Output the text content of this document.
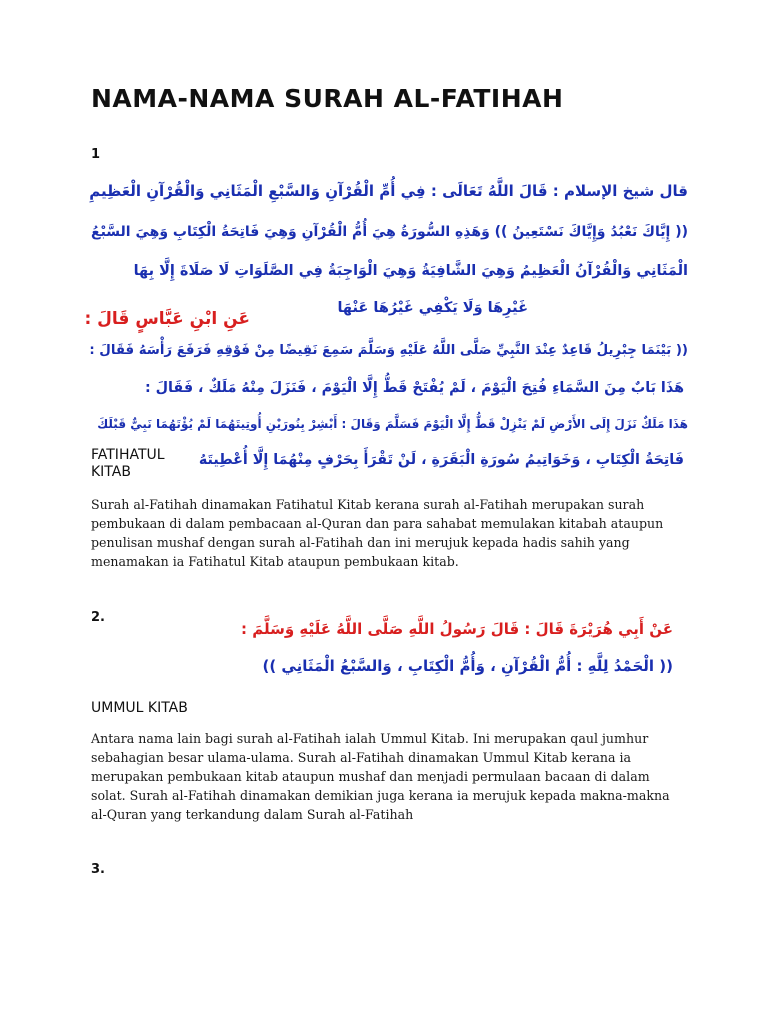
NAMA-NAMA SURAH AL-FATIHAH
1
قال شيخ الإسلام : قَالَ اللَّهُ تَعَالَى : فِي أُمِّ الْقُرْآنِ وَالسَّبْعِ الْمَثَانِي وَالْقُرْآنِ الْعَظِيمِ
(( إِيَّاكَ نَعْبُدُ وَإِيَّاكَ نَسْتَعِينُ )) وَهَذِهِ السُّورَةُ هِيَ أُمُّ الْقُرْآنِ وَهِيَ فَاتِحَةُ الْكِتَابِ وَهِيَ السَّبْعُ
الْمَثَانِي وَالْقُرْآنُ الْعَظِيمُ وَهِيَ الشَّافِيَةُ وَهِيَ الْوَاجِبَةُ فِي الصَّلَوَاتِ لَا صَلَاةَ إِلَّا بِهَا
غَيْرِهَا وَلَا يَكْفِي غَيْرُهَا عَنْهَا
عَنِ ابْنِ عَبَّاسٍ قَالَ :
(( بَيْنَمَا جِبْرِيلُ قَاعِدٌ عِنْدَ النَّبِيِّ صَلَّى اللَّهُ عَلَيْهِ وَسَلَّمَ سَمِعَ نَقِيضًا مِنْ فَوْقِهِ فَرَفَعَ رَأْسَهُ فَقَالَ :
هَذَا بَابٌ مِنَ السَّمَاءِ فُتِحَ الْيَوْمَ ، لَمْ يُفْتَحْ قَطُّ إِلَّا الْيَوْمَ ، فَنَزَلَ مِنْهُ مَلَكٌ ، فَقَالَ :
هَذَا مَلَكٌ نَزَلَ إِلَى الأَرْضِ لَمْ يَنْزِلْ قَطُّ إِلَّا الْيَوْمَ فَسَلَّمَ وَقَالَ : أَبْشِرْ بِنُورَيْنِ أُوتِيتَهُمَا لَمْ يُؤْتَهُمَا نَبِيٌّ قَبْلَكَ
فَاتِحَةُ الْكِتَابِ ، وَخَوَاتِيمُ سُورَةِ الْبَقَرَةِ ، لَنْ تَقْرَأَ بِحَرْفٍ مِنْهُمَا إِلَّا أُعْطِيتَهُ
FATIHATUL
KITAB
Surah al-Fatihah dinamakan Fatihatul Kitab kerana surah al-Fatihah merupakan surah pembukaan di dalam pembacaan al-Quran dan para sahabat memulakan kitabah ataupun penulisan mushaf dengan surah al-Fatihah dan ini merujuk kepada hadis sahih yang menamakan ia Fatihatul Kitab ataupun pembukaan kitab.
2.
عَنْ أَبِي هُرَيْرَةَ قَالَ : قَالَ رَسُولُ اللَّهِ صَلَّى اللَّهُ عَلَيْهِ وَسَلَّمَ :
(( الْحَمْدُ لِلَّهِ : أُمُّ الْقُرْآنِ ، وَأُمُّ الْكِتَابِ ، وَالسَّبْعُ الْمَثَانِي ))
UMMUL KITAB
Antara nama lain bagi surah al-Fatihah ialah Ummul Kitab. Ini merupakan qaul jumhur sebahagian besar ulama-ulama. Surah al-Fatihah dinamakan Ummul Kitab kerana ia merupakan pembukaan kitab ataupun mushaf dan menjadi permulaan bacaan di dalam solat. Surah al-Fatihah dinamakan demikian juga kerana ia merujuk kepada makna-makna al-Quran yang terkandung dalam Surah al-Fatihah
3.
